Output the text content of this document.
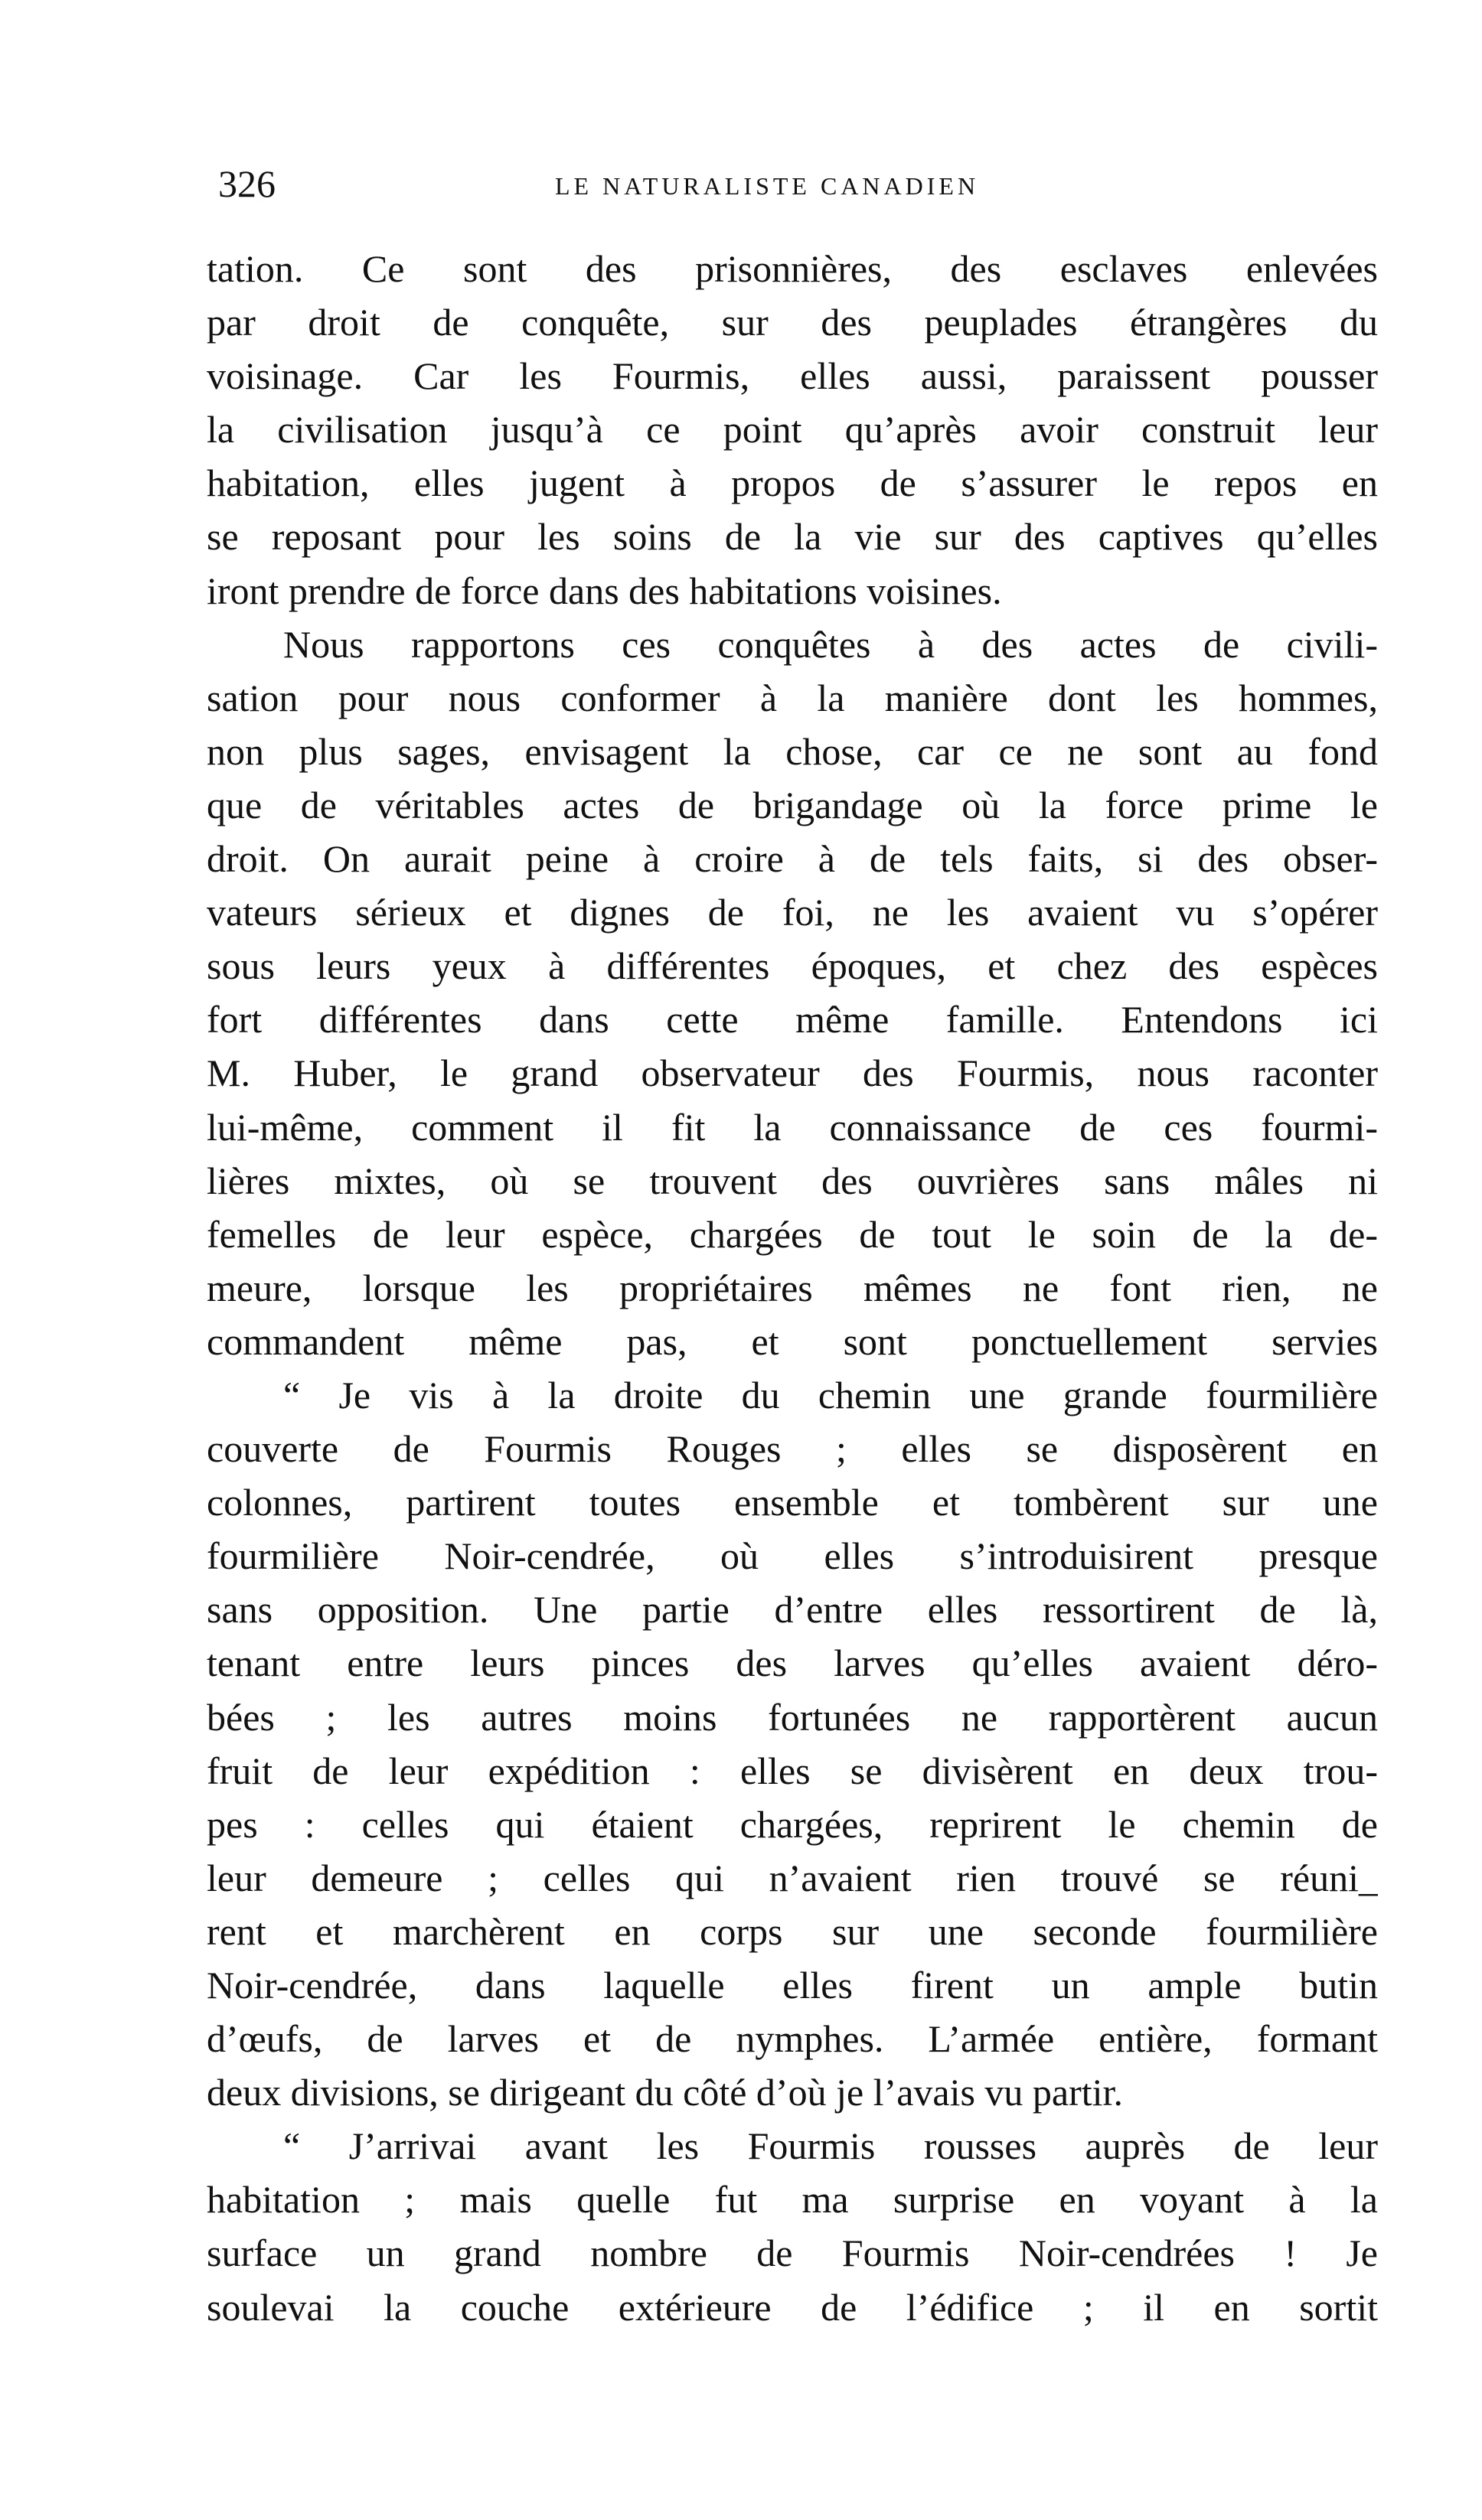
326	LE NATURALISTE CANADIEN
tation. Ce sont des prisonnières, des esclaves enlevées
par droit de conquête, sur des peuplades étrangères du
voisinage. Car les Fourmis, elles aussi, paraissent pousser
la civilisation jusqu’à ce point qu’après avoir construit leur
habitation, elles jugent à propos de s’assurer le repos en
se reposant pour les soins de la vie sur des captives qu’elles
iront prendre de force dans des habitations voisines.
Nous rapportons ces conquêtes à des actes de civili-
sation pour nous conformer à la manière dont les hommes,
non plus sages, envisagent la chose, car ce ne sont au fond
que de véritables actes de brigandage où la force prime le
droit. On aurait peine à croire à de tels faits, si des obser-
vateurs sérieux et dignes de foi, ne les avaient vu s’opérer
sous leurs yeux à différentes époques, et chez des espèces
fort différentes dans cette même famille. Entendons ici
M. Huber, le grand observateur des Fourmis, nous raconter
lui-même, comment il fit la connaissance de ces fourmi-
lières mixtes, où se trouvent des ouvrières sans mâles ni
femelles de leur espèce, chargées de tout le soin de la de-
meure, lorsque les propriétaires mêmes ne font rien, ne
commandent même pas, et sont ponctuellement servies
“ Je vis à la droite du chemin une grande fourmilière
couverte de Fourmis Rouges ; elles se disposèrent en
colonnes, partirent toutes ensemble et tombèrent sur une
fourmilière Noir-cendrée, où elles s’introduisirent presque
sans opposition. Une partie d’entre elles ressortirent de là,
tenant entre leurs pinces des larves qu’elles avaient déro-
bées ; les autres moins fortunées ne rapportèrent aucun
fruit de leur expédition : elles se divisèrent en deux trou-
pes : celles qui étaient chargées, reprirent le chemin de
leur demeure ; celles qui n’avaient rien trouvé se réuni_
rent et marchèrent en corps sur une seconde fourmilière
Noir-cendrée, dans laquelle elles firent un ample butin
d’œufs, de larves et de nymphes. L’armée entière, formant
deux divisions, se dirigeant du côté d’où je l’avais vu partir.
“ J’arrivai avant les Fourmis rousses auprès de leur
habitation ; mais quelle fut ma surprise en voyant à la
surface un grand nombre de Fourmis Noir-cendrées ! Je
soulevai la couche extérieure de l’édifice ; il en sortit
